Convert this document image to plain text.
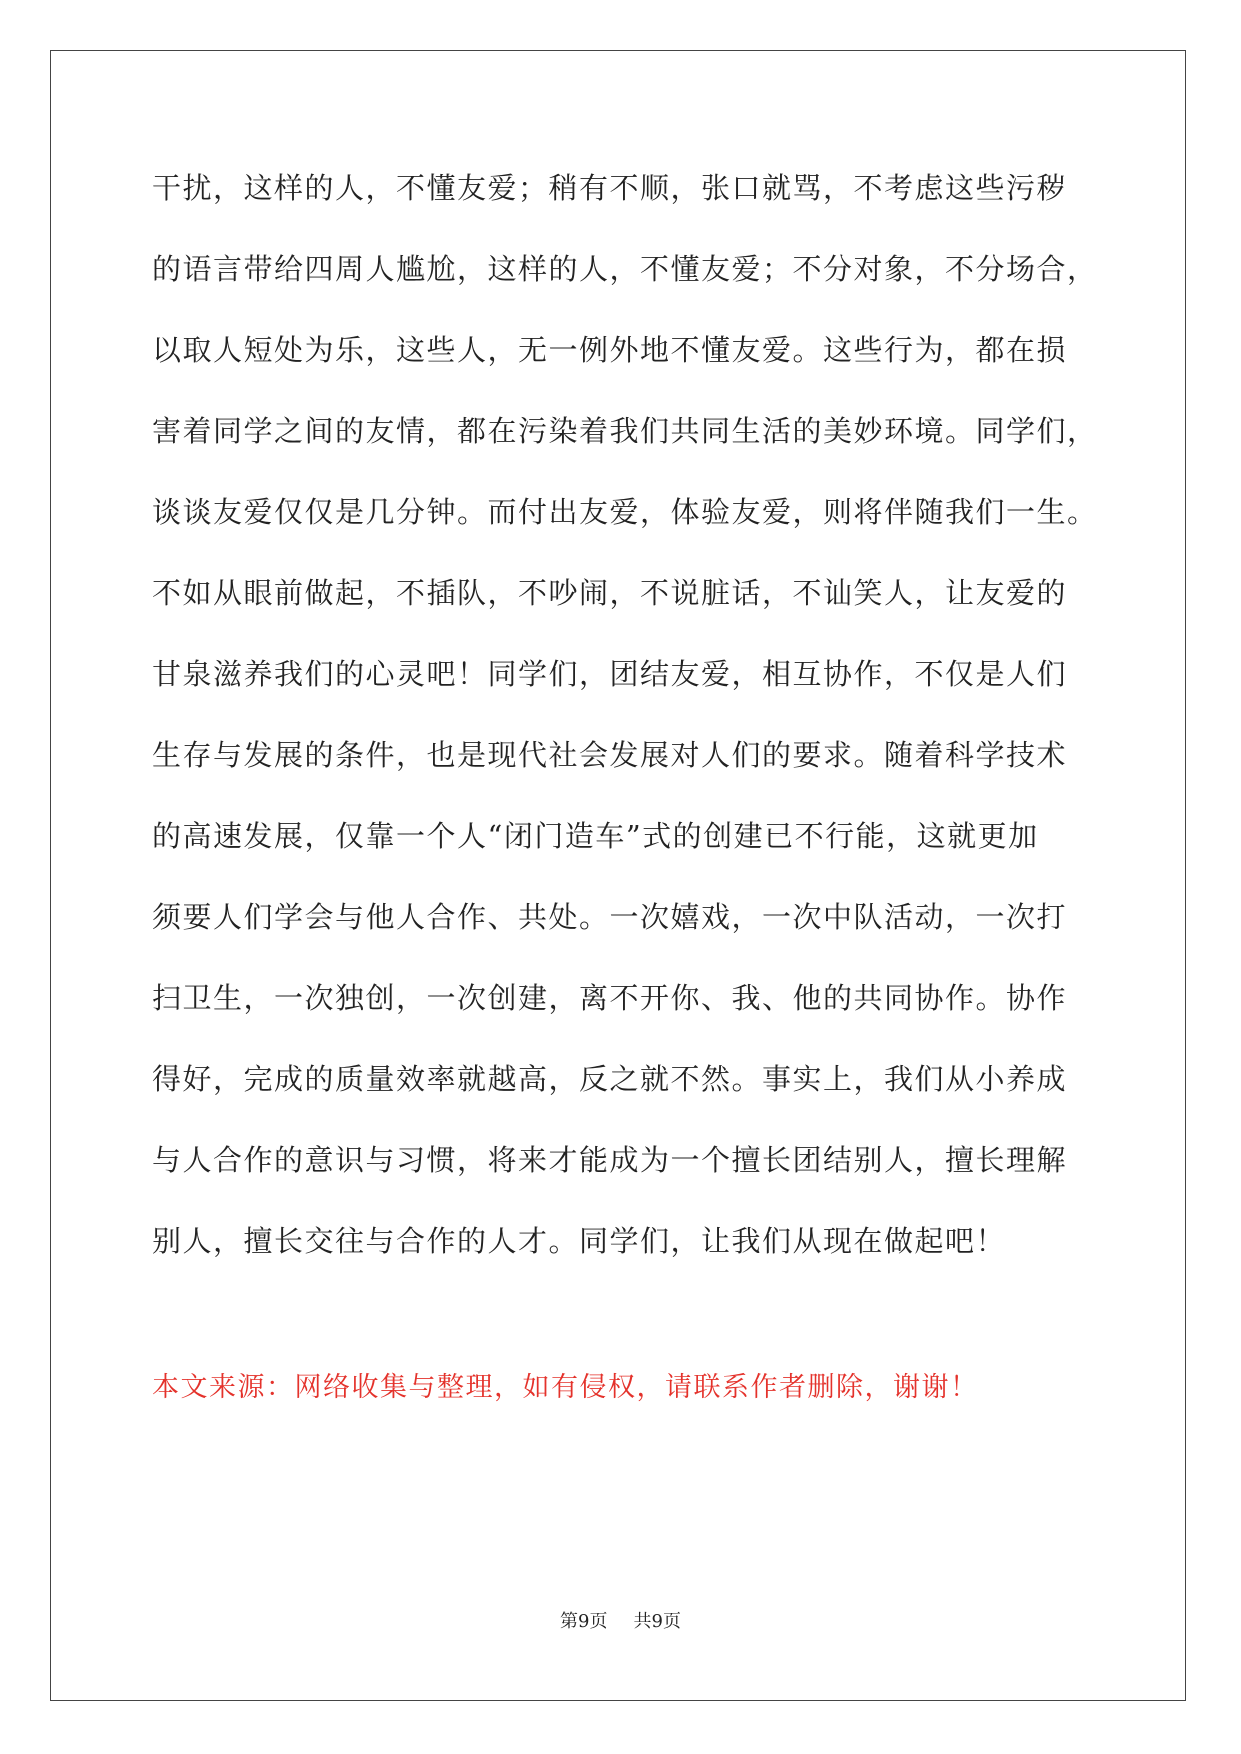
干扰，这样的人，不懂友爱；稍有不顺，张口就骂，不考虑这些污秽
的语言带给四周人尴尬，这样的人，不懂友爱；不分对象，不分场合，
以取人短处为乐，这些人，无一例外地不懂友爱。这些行为，都在损
害着同学之间的友情，都在污染着我们共同生活的美妙环境。同学们，
谈谈友爱仅仅是几分钟。而付出友爱，体验友爱，则将伴随我们一生。
不如从眼前做起，不插队，不吵闹，不说脏话，不讪笑人，让友爱的
甘泉滋养我们的心灵吧！同学们，团结友爱，相互协作，不仅是人们
生存与发展的条件，也是现代社会发展对人们的要求。随着科学技术
的高速发展，仅靠一个人“闭门造车”式的创建已不行能，这就更加
须要人们学会与他人合作、共处。一次嬉戏，一次中队活动，一次打
扫卫生，一次独创，一次创建，离不开你、我、他的共同协作。协作
得好，完成的质量效率就越高，反之就不然。事实上，我们从小养成
与人合作的意识与习惯，将来才能成为一个擅长团结别人，擅长理解
别人，擅长交往与合作的人才。同学们，让我们从现在做起吧！
本文来源：网络收集与整理，如有侵权，请联系作者删除，谢谢！
第9页 共9页
